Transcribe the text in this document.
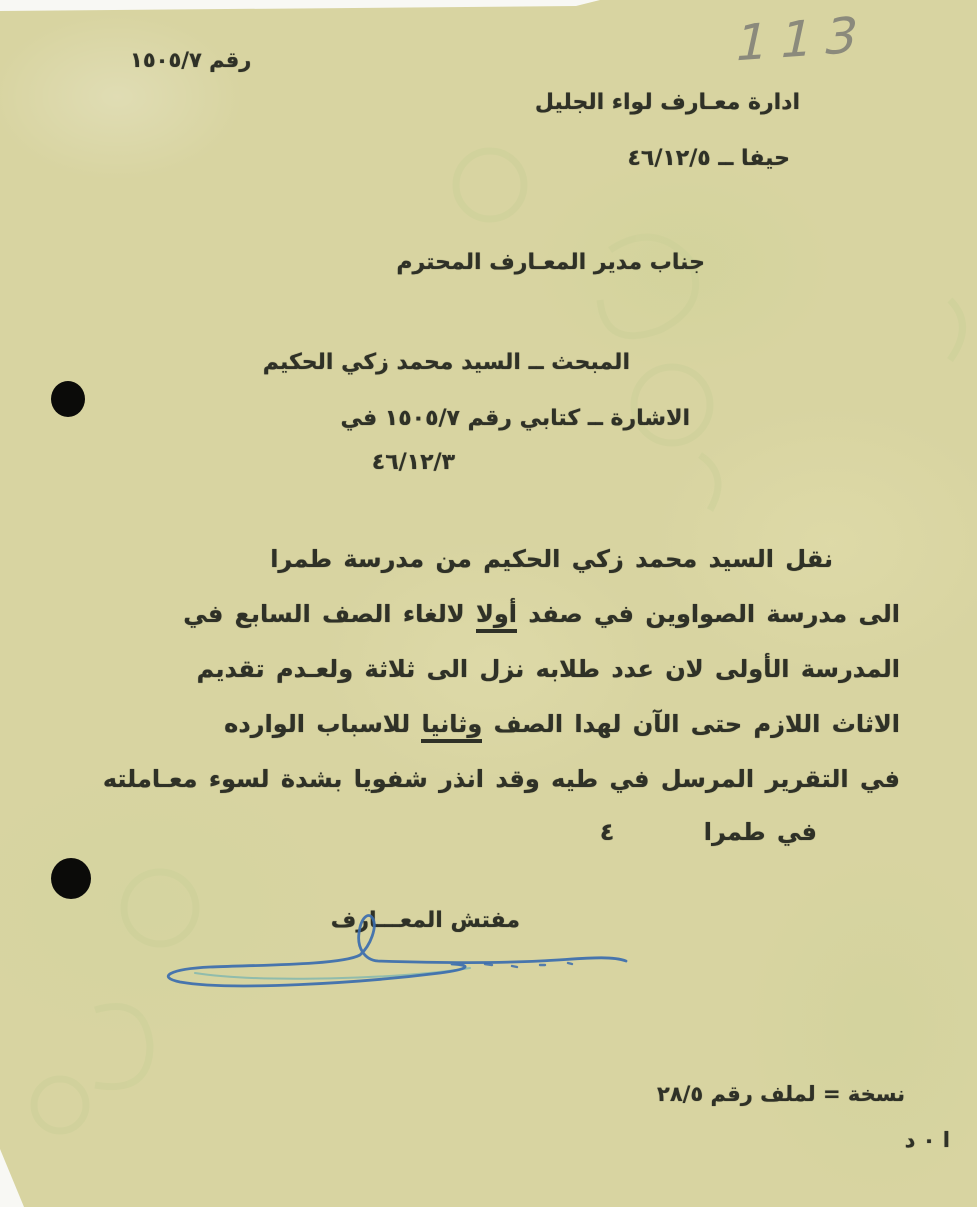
113
رقم ١٥٠٥/٧
ادارة معـارف لواء الجليل
حيفا ــ ٤٦/١٢/٥
جناب مدير المعـارف المحترم
المبحث ــ السيد محمد زكي الحكيم
الاشارة ــ كتابي رقم ١٥٠٥/٧ في
٤٦/١٢/٣
نقل السيد محمد زكي الحكيم من مدرسة طمرا
الى مدرسة الصواوين في صفد أولا لالغاء الصف السابع في
المدرسة الأولى لان عدد طلابه نزل الى ثلاثة ولعـدم تقديم
الاثاث اللازم حتى الآن لهدا الصف وثانيا للاسباب الوارده
في التقرير المرسل في طيه وقد انذر شفويا بشدة لسوء معـاملته
في طمرا ٤
مفتش المعـــارف
نسخة = لملف رقم ٢٨/٥
ا ٠ د
